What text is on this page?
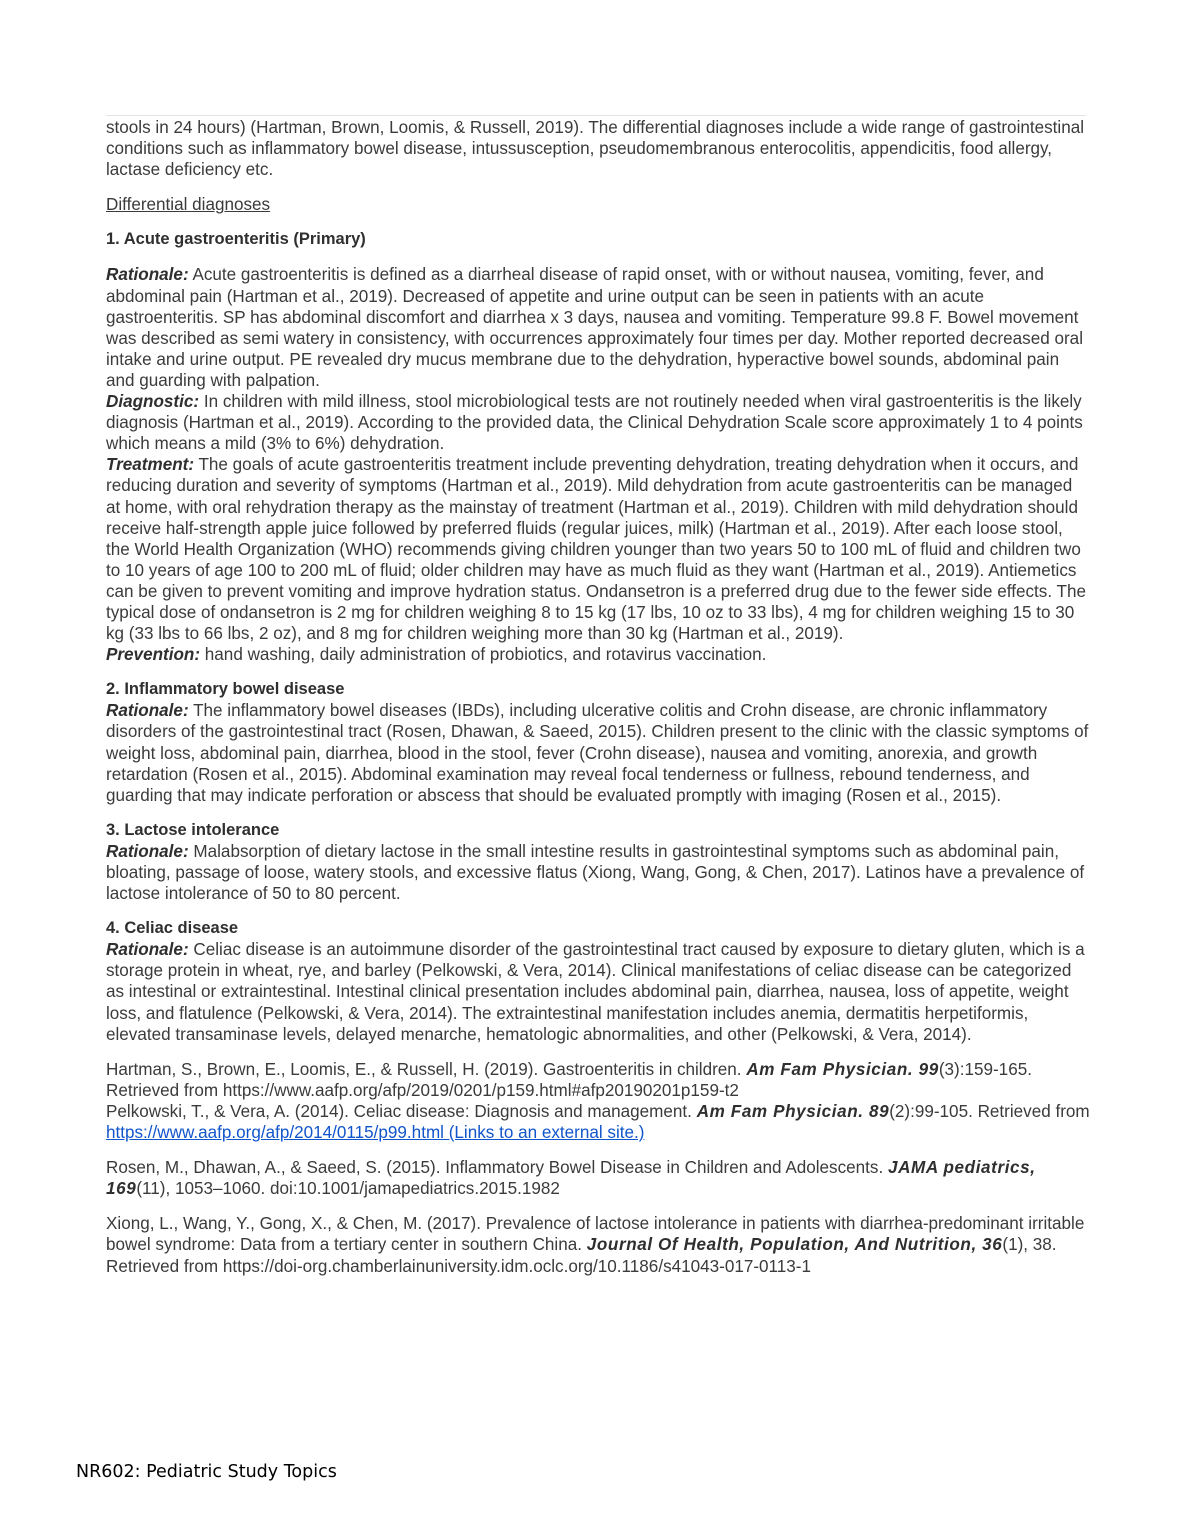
stools in 24 hours) (Hartman, Brown, Loomis, & Russell, 2019). The differential diagnoses include a wide range of gastrointestinal conditions such as inflammatory bowel disease, intussusception, pseudomembranous enterocolitis, appendicitis, food allergy, lactase deficiency etc.

Differential diagnoses

1. Acute gastroenteritis (Primary)

Rationale: Acute gastroenteritis is defined as a diarrheal disease of rapid onset, with or without nausea, vomiting, fever, and abdominal pain (Hartman et al., 2019). Decreased of appetite and urine output can be seen in patients with an acute gastroenteritis. SP has abdominal discomfort and diarrhea x 3 days, nausea and vomiting. Temperature 99.8 F. Bowel movement was described as semi watery in consistency, with occurrences approximately four times per day. Mother reported decreased oral intake and urine output. PE revealed dry mucus membrane due to the dehydration, hyperactive bowel sounds, abdominal pain and guarding with palpation.

Diagnostic: In children with mild illness, stool microbiological tests are not routinely needed when viral gastroenteritis is the likely diagnosis (Hartman et al., 2019). According to the provided data, the Clinical Dehydration Scale score approximately 1 to 4 points which means a mild (3% to 6%) dehydration.

Treatment: The goals of acute gastroenteritis treatment include preventing dehydration, treating dehydration when it occurs, and reducing duration and severity of symptoms (Hartman et al., 2019). Mild dehydration from acute gastroenteritis can be managed at home, with oral rehydration therapy as the mainstay of treatment (Hartman et al., 2019). Children with mild dehydration should receive half-strength apple juice followed by preferred fluids (regular juices, milk) (Hartman et al., 2019). After each loose stool, the World Health Organization (WHO) recommends giving children younger than two years 50 to 100 mL of fluid and children two to 10 years of age 100 to 200 mL of fluid; older children may have as much fluid as they want (Hartman et al., 2019). Antiemetics can be given to prevent vomiting and improve hydration status. Ondansetron is a preferred drug due to the fewer side effects. The typical dose of ondansetron is 2 mg for children weighing 8 to 15 kg (17 lbs, 10 oz to 33 lbs), 4 mg for children weighing 15 to 30 kg (33 lbs to 66 lbs, 2 oz), and 8 mg for children weighing more than 30 kg (Hartman et al., 2019).

Prevention: hand washing, daily administration of probiotics, and rotavirus vaccination.

2. Inflammatory bowel disease

Rationale: The inflammatory bowel diseases (IBDs), including ulcerative colitis and Crohn disease, are chronic inflammatory disorders of the gastrointestinal tract (Rosen, Dhawan, & Saeed, 2015). Children present to the clinic with the classic symptoms of weight loss, abdominal pain, diarrhea, blood in the stool, fever (Crohn disease), nausea and vomiting, anorexia, and growth retardation (Rosen et al., 2015). Abdominal examination may reveal focal tenderness or fullness, rebound tenderness, and guarding that may indicate perforation or abscess that should be evaluated promptly with imaging (Rosen et al., 2015).

3. Lactose intolerance

Rationale: Malabsorption of dietary lactose in the small intestine results in gastrointestinal symptoms such as abdominal pain, bloating, passage of loose, watery stools, and excessive flatus (Xiong, Wang, Gong, & Chen, 2017). Latinos have a prevalence of lactose intolerance of 50 to 80 percent.

4. Celiac disease

Rationale: Celiac disease is an autoimmune disorder of the gastrointestinal tract caused by exposure to dietary gluten, which is a storage protein in wheat, rye, and barley (Pelkowski, & Vera, 2014). Clinical manifestations of celiac disease can be categorized as intestinal or extraintestinal. Intestinal clinical presentation includes abdominal pain, diarrhea, nausea, loss of appetite, weight loss, and flatulence (Pelkowski, & Vera, 2014). The extraintestinal manifestation includes anemia, dermatitis herpetiformis, elevated transaminase levels, delayed menarche, hematologic abnormalities, and other (Pelkowski, & Vera, 2014).

Hartman, S., Brown, E., Loomis, E., & Russell, H. (2019). Gastroenteritis in children. Am Fam Physician. 99(3):159-165. Retrieved from https://www.aafp.org/afp/2019/0201/p159.html#afp20190201p159-t2

Pelkowski, T., & Vera, A. (2014). Celiac disease: Diagnosis and management. Am Fam Physician. 89(2):99-105. Retrieved from https://www.aafp.org/afp/2014/0115/p99.html (Links to an external site.)

Rosen, M., Dhawan, A., & Saeed, S. (2015). Inflammatory Bowel Disease in Children and Adolescents. JAMA pediatrics, 169(11), 1053–1060. doi:10.1001/jamapediatrics.2015.1982

Xiong, L., Wang, Y., Gong, X., & Chen, M. (2017). Prevalence of lactose intolerance in patients with diarrhea-predominant irritable bowel syndrome: Data from a tertiary center in southern China. Journal Of Health, Population, And Nutrition, 36(1), 38. Retrieved from https://doi-org.chamberlainuniversity.idm.oclc.org/10.1186/s41043-017-0113-1

NR602: Pediatric Study Topics
